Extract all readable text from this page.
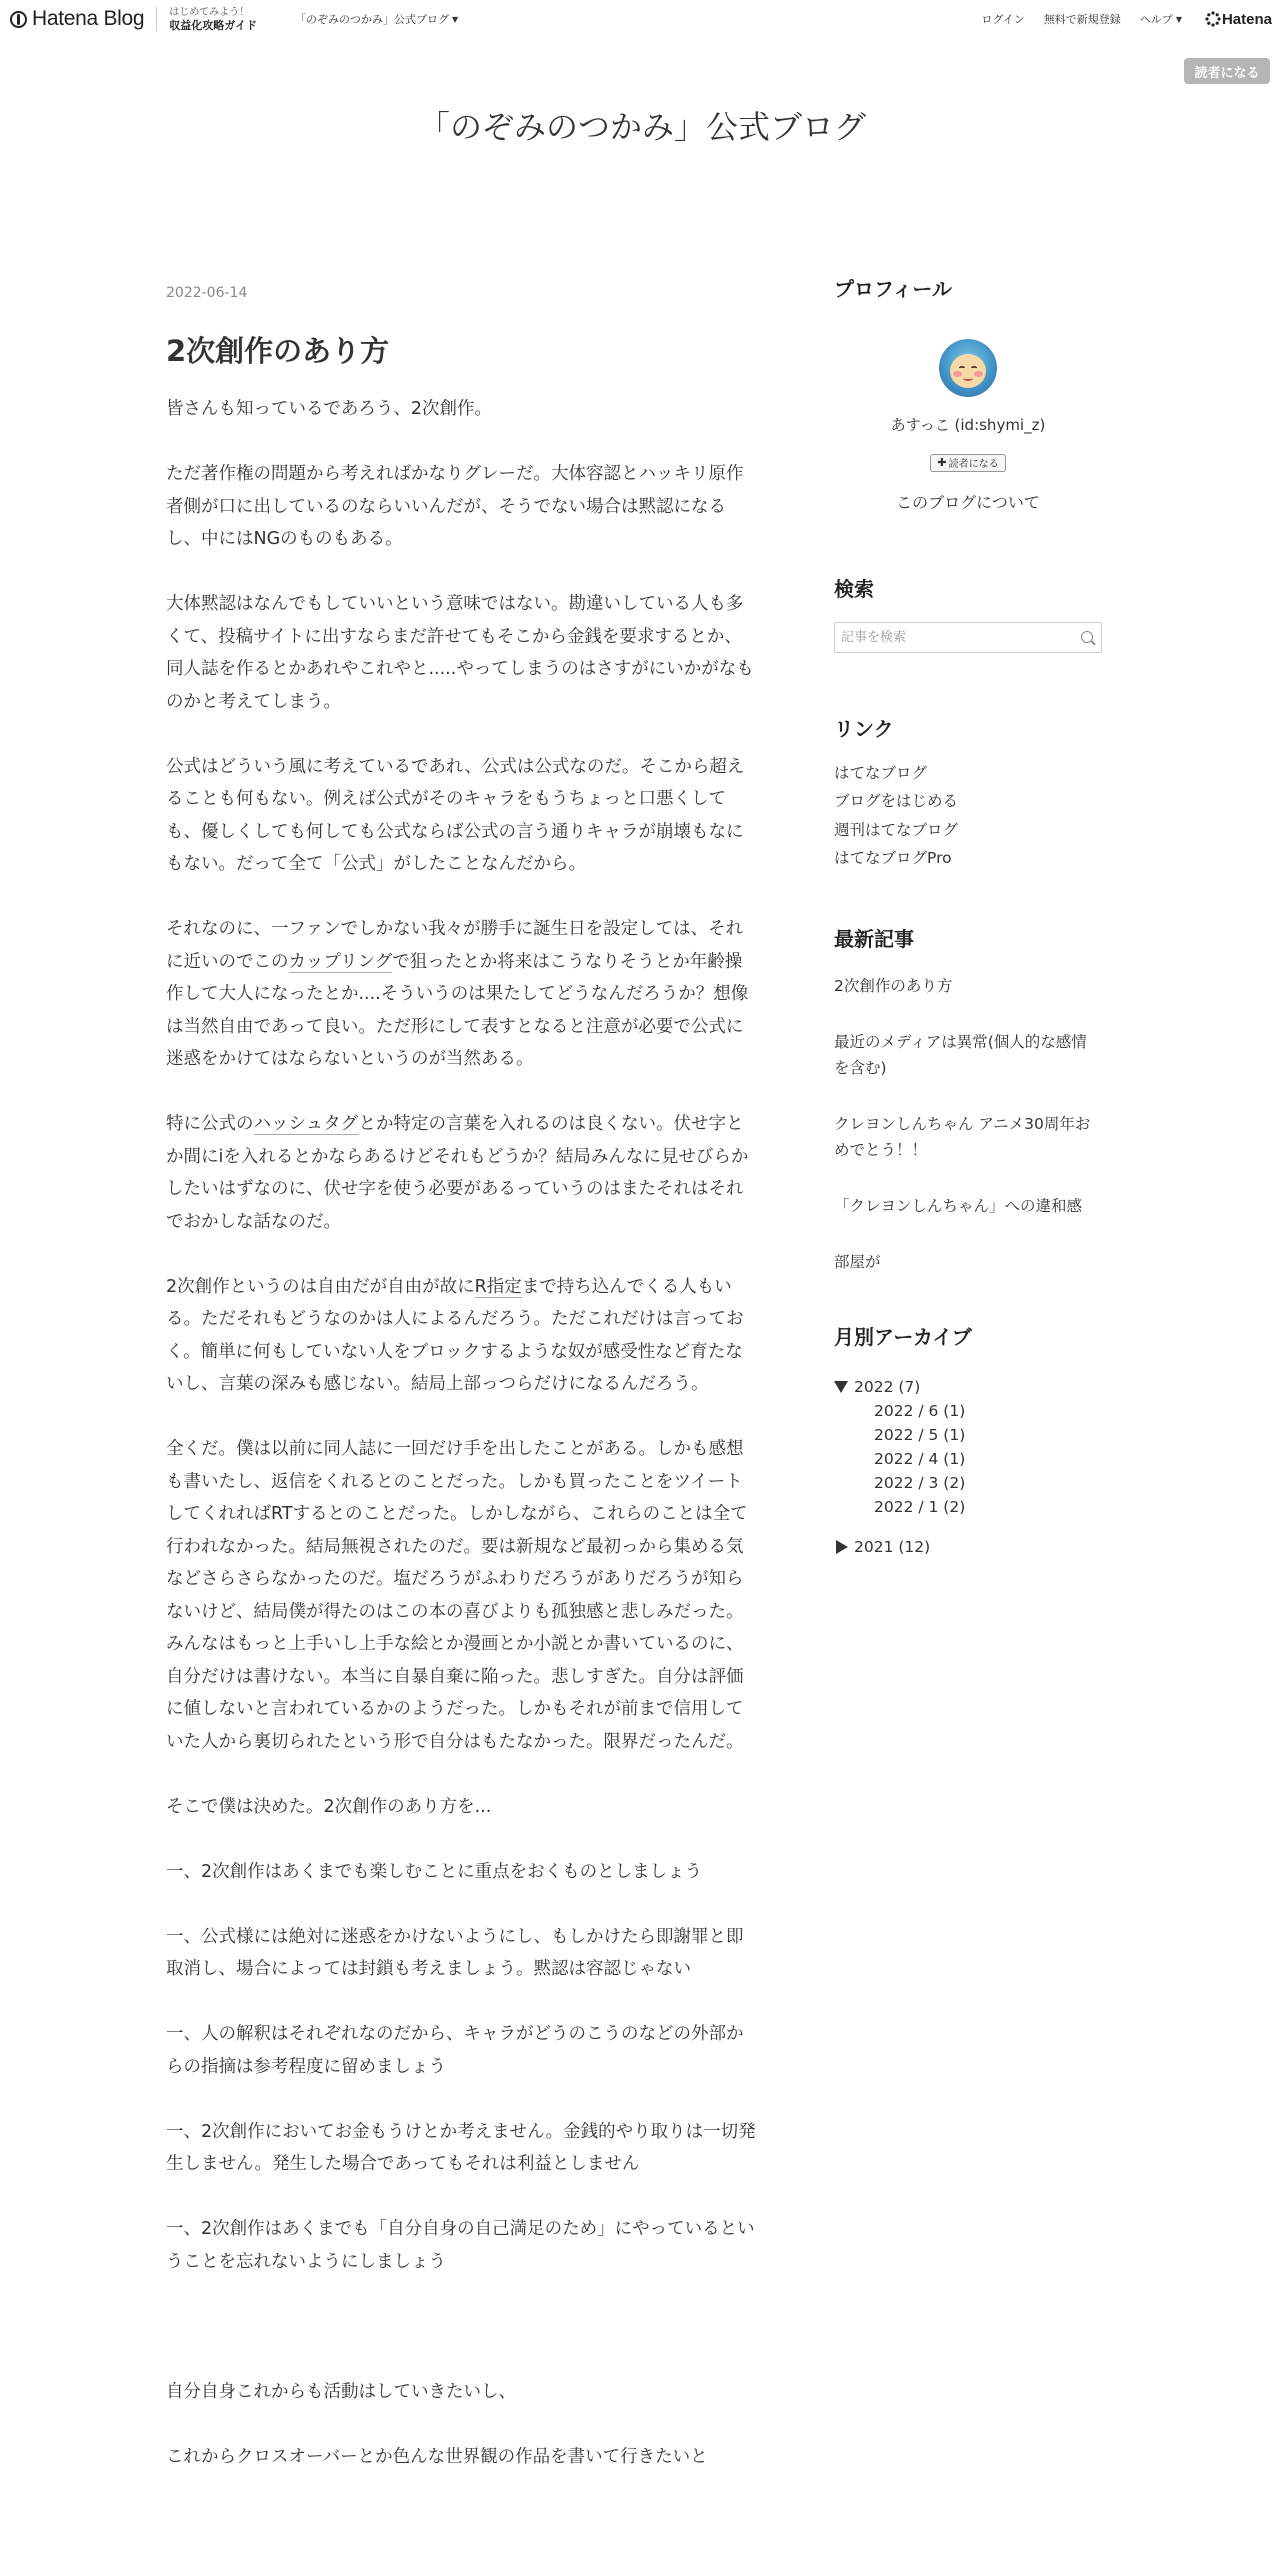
Hatena Blog	はじめてみよう！
収益化攻略ガイド	「のぞみのつかみ」公式ブログ ▼	ログイン 無料で新規登録 ヘルプ ▼	Hatena
読者になる
「のぞみのつかみ」公式ブログ
2022-06-14
2次創作のあり方

皆さんも知っているであろう、2次創作。

ただ著作権の問題から考えればかなりグレーだ。大体容認とハッキリ原作者側が口に出しているのならいいんだが、そうでない場合は黙認になるし、中にはNGのものもある。

大体黙認はなんでもしていいという意味ではない。勘違いしている人も多くて、投稿サイトに出すならまだ許せてもそこから金銭を要求するとか、同人誌を作るとかあれやこれやと.....やってしまうのはさすがにいかがなものかと考えてしまう。

公式はどういう風に考えているであれ、公式は公式なのだ。そこから超えることも何もない。例えば公式がそのキャラをもうちょっと口悪くしても、優しくしても何しても公式ならば公式の言う通りキャラが崩壊もなにもない。だって全て「公式」がしたことなんだから。

それなのに、一ファンでしかない我々が勝手に誕生日を設定しては、それに近いのでこのカップリングで狙ったとか将来はこうなりそうとか年齢操作して大人になったとか....そういうのは果たしてどうなんだろうか？想像は当然自由であって良い。ただ形にして表すとなると注意が必要で公式に迷惑をかけてはならないというのが当然ある。

特に公式のハッシュタグとか特定の言葉を入れるのは良くない。伏せ字とか間にiを入れるとかならあるけどそれもどうか？結局みんなに見せびらかしたいはずなのに、伏せ字を使う必要があるっていうのはまたそれはそれでおかしな話なのだ。

2次創作というのは自由だが自由が故にR指定まで持ち込んでくる人もいる。ただそれもどうなのかは人によるんだろう。ただこれだけは言っておく。簡単に何もしていない人をブロックするような奴が感受性など育たないし、言葉の深みも感じない。結局上部っつらだけになるんだろう。

全くだ。僕は以前に同人誌に一回だけ手を出したことがある。しかも感想も書いたし、返信をくれるとのことだった。しかも買ったことをツイートしてくれればRTするとのことだった。しかしながら、これらのことは全て行われなかった。結局無視されたのだ。要は新規など最初っから集める気などさらさらなかったのだ。塩だろうがふわりだろうがありだろうが知らないけど、結局僕が得たのはこの本の喜びよりも孤独感と悲しみだった。みんなはもっと上手いし上手な絵とか漫画とか小説とか書いているのに、自分だけは書けない。本当に自暴自棄に陥った。悲しすぎた。自分は評価に値しないと言われているかのようだった。しかもそれが前まで信用していた人から裏切られたという形で自分はもたなかった。限界だったんだ。

そこで僕は決めた。2次創作のあり方を...

一、2次創作はあくまでも楽しむことに重点をおくものとしましょう

一、公式様には絶対に迷惑をかけないようにし、もしかけたら即謝罪と即取消し、場合によっては封鎖も考えましょう。黙認は容認じゃない

一、人の解釈はそれぞれなのだから、キャラがどうのこうのなどの外部からの指摘は参考程度に留めましょう

一、2次創作においてお金もうけとか考えません。金銭的やり取りは一切発生しません。発生した場合であってもそれは利益としません

一、2次創作はあくまでも「自分自身の自己満足のため」にやっているということを忘れないようにしましょう

自分自身これからも活動はしていきたいし、

これからクロスオーバーとか色んな世界観の作品を書いて行きたいと

プロフィール
あすっこ (id:shymi_z)
✚ 読者になる
このブログについて
検索
記事を検索
リンク
はてなブログ
ブログをはじめる
週刊はてなブログ
はてなブログPro
最新記事
2次創作のあり方
最近のメディアは異常(個人的な感情を含む)
クレヨンしんちゃん アニメ30周年おめでとう！！
「クレヨンしんちゃん」への違和感
部屋が
月別アーカイブ
2022 (7)
2022 / 6 (1)
2022 / 5 (1)
2022 / 4 (1)
2022 / 3 (2)
2022 / 1 (2)
2021 (12)
